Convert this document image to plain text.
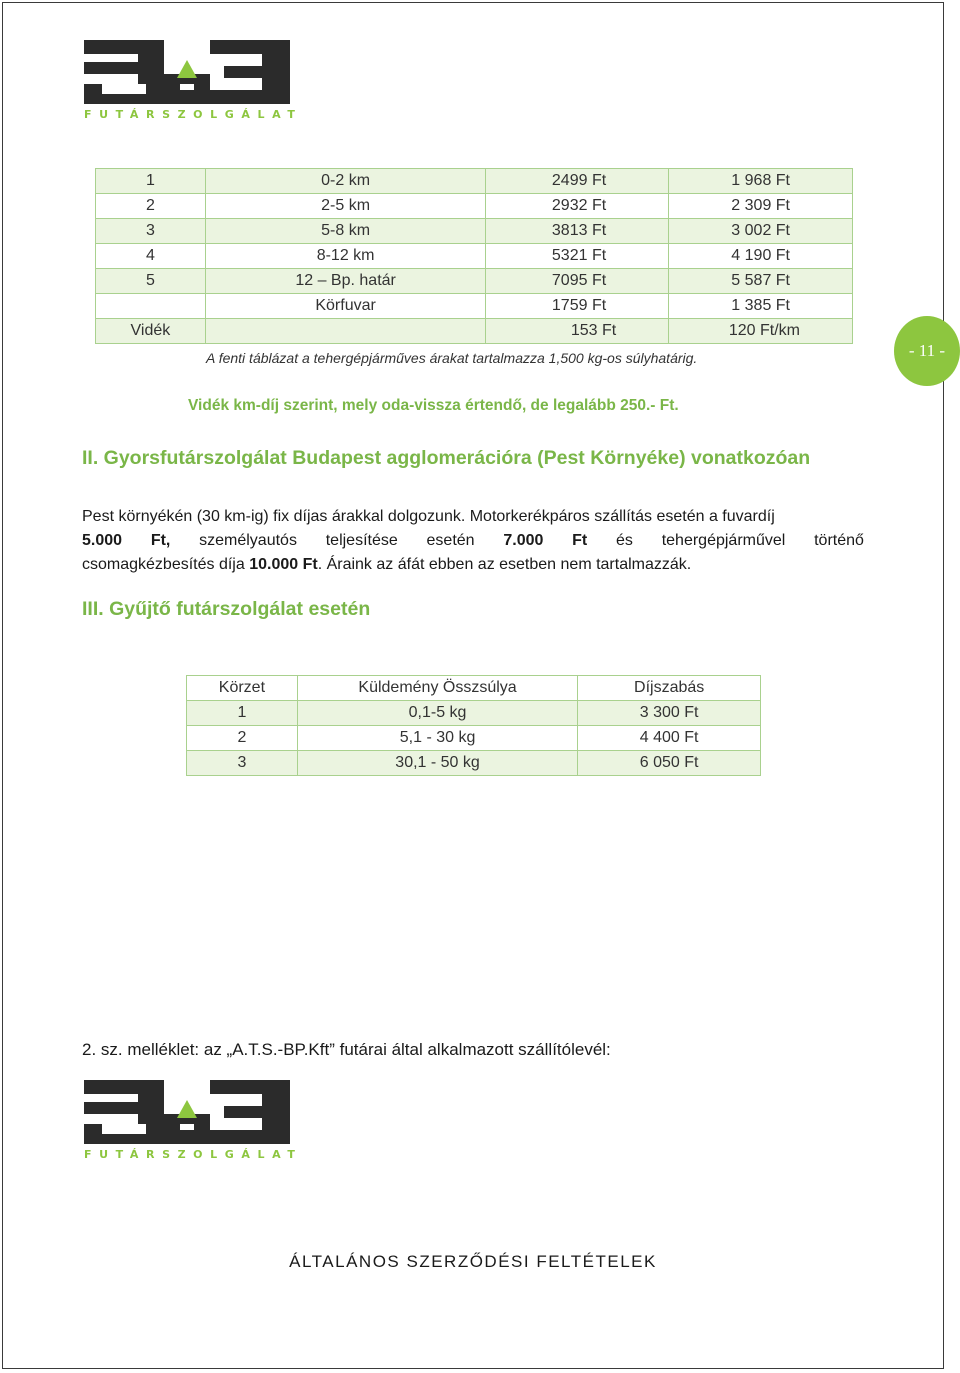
FUTÁRSZOLGÁLAT
1	0-2 km	2499 Ft	1 968 Ft
2	2-5 km	2932 Ft	2 309 Ft
3	5-8 km	3813 Ft	3 002 Ft
4	8-12 km	5321 Ft	4 190 Ft
5	12 – Bp. határ	7095 Ft	5 587 Ft
	Körfuvar	1759 Ft	1 385 Ft
Vidék		153 Ft	120 Ft/km
A fenti táblázat a tehergépjárműves árakat tartalmazza 1,500 kg-os súlyhatárig.	- 11 -
Vidék km-díj szerint, mely oda-vissza értendő, de legalább 250.- Ft.
II. Gyorsfutárszolgálat Budapest agglomerációra (Pest Környéke) vonatkozóan
Pest környékén (30 km-ig) fix díjas árakkal dolgozunk. Motorkerékpáros szállítás esetén a fuvardíj
5.000 Ft, személyautós teljesítése esetén 7.000 Ft és tehergépjárművel történő
csomagkézbesítés díja 10.000 Ft. Áraink az áfát ebben az esetben nem tartalmazzák.
III. Gyűjtő futárszolgálat esetén
Körzet	Küldemény Összsúlya	Díjszabás
1	0,1-5 kg	3 300 Ft
2	5,1 - 30 kg	4 400 Ft
3	30,1 - 50 kg	6 050 Ft
2. sz. melléklet: az „A.T.S.-BP.Kft” futárai által alkalmazott szállítólevél:
FUTÁRSZOLGÁLAT
ÁLTALÁNOS SZERZŐDÉSI FELTÉTELEK
